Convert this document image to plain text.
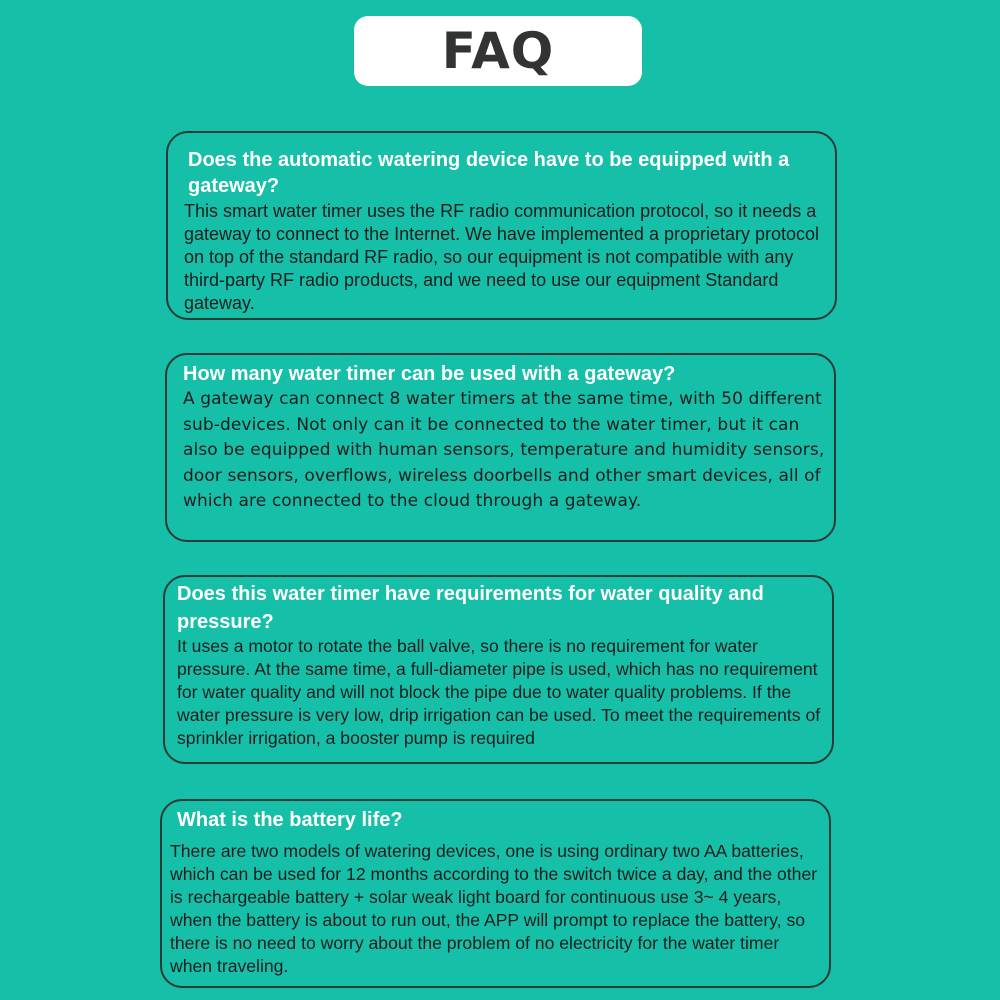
FAQ

Does the automatic watering device have to be equipped with a gateway?

This smart water timer uses the RF radio communication protocol, so it needs a gateway to connect to the Internet. We have implemented a proprietary protocol on top of the standard RF radio, so our equipment is not compatible with any third-party RF radio products, and we need to use our equipment Standard gateway.

How many water timer can be used with a gateway?

A gateway can connect 8 water timers at the same time, with 50 different sub-devices. Not only can it be connected to the water timer, but it can also be equipped with human sensors, temperature and humidity sensors, door sensors, overflows, wireless doorbells and other smart devices, all of which are connected to the cloud through a gateway.

Does this water timer have requirements for water quality and pressure?

It uses a motor to rotate the ball valve, so there is no requirement for water pressure. At the same time, a full-diameter pipe is used, which has no requirement for water quality and will not block the pipe due to water quality problems. If the water pressure is very low, drip irrigation can be used. To meet the requirements of sprinkler irrigation, a booster pump is required

What is the battery life?

There are two models of watering devices, one is using ordinary two AA batteries, which can be used for 12 months according to the switch twice a day, and the other is rechargeable battery + solar weak light board for continuous use 3~ 4 years, when the battery is about to run out, the APP will prompt to replace the battery, so there is no need to worry about the problem of no electricity for the water timer when traveling.
